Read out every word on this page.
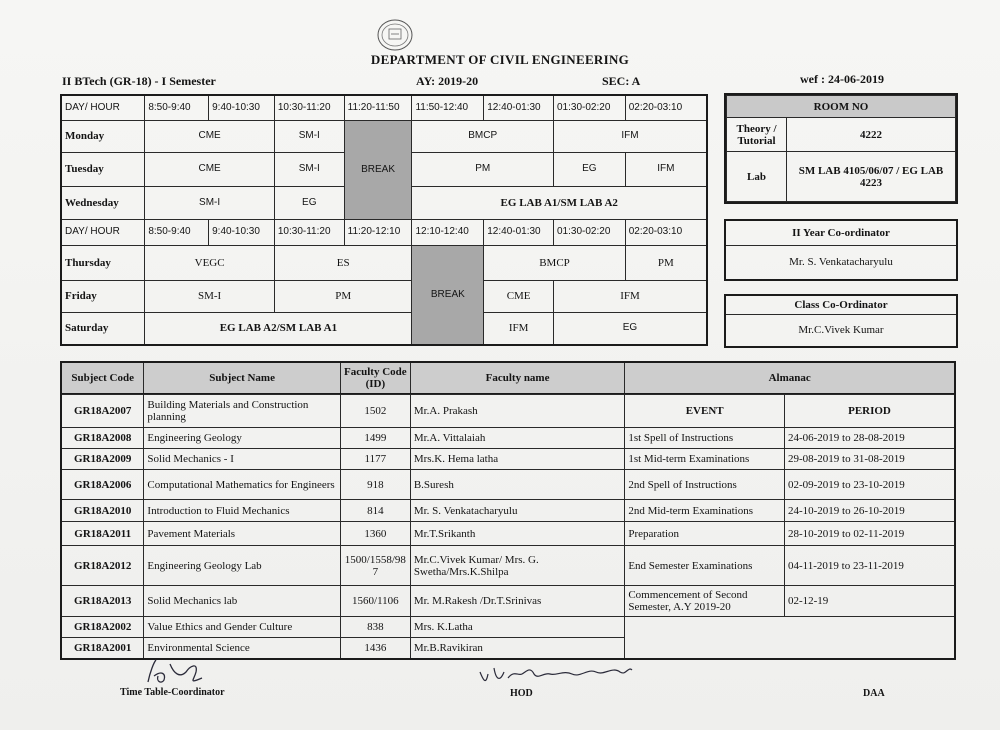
DEPARTMENT OF CIVIL ENGINEERING
II BTech (GR-18) - I Semester	AY: 2019-20	SEC: A	wef : 24-06-2019
DAY/ HOUR	8:50-9:40	9:40-10:30	10:30-11:20	11:20-11:50	11:50-12:40	12:40-01:30	01:30-02:20	02:20-03:10
Monday	CME		SM-I	BREAK	BMCP		IFM	
Tuesday	CME		SM-I		PM		EG	IFM
Wednesday	SM-I		EG		EG LAB A1/SM LAB A2			
DAY/ HOUR	8:50-9:40	9:40-10:30	10:30-11:20	11:20-12:10	12:10-12:40	12:40-01:30	01:30-02:20	02:20-03:10
Thursday	VEGC		ES		BREAK	BMCP		PM
Friday	SM-I		PM			CME	IFM	
Saturday	EG LAB A2/SM LAB A1					IFM	EG	
ROOM NO	
Theory / Tutorial	4222
Lab	SM LAB 4105/06/07 / EG LAB 4223
II Year Co-ordinator
Mr. S. Venkatacharyulu
Class Co-Ordinator
Mr.C.Vivek Kumar
Subject Code	Subject Name	Faculty Code (ID)	Faculty name	Almanac

GR18A2007	Building Materials and Construction planning	1502	Mr.A. Prakash	EVENT	PERIOD
GR18A2008	Engineering Geology	1499	Mr.A. Vittalaiah	1st Spell of Instructions	24-06-2019 to 28-08-2019
GR18A2009	Solid Mechanics - I	1177	Mrs.K. Hema latha	1st Mid-term Examinations	29-08-2019 to 31-08-2019
GR18A2006	Computational Mathematics for Engineers	918	B.Suresh	2nd Spell of Instructions	02-09-2019 to 23-10-2019
GR18A2010	Introduction to Fluid Mechanics	814	Mr. S. Venkatacharyulu	2nd Mid-term Examinations	24-10-2019 to 26-10-2019
GR18A2011	Pavement Materials	1360	Mr.T.Srikanth	Preparation	28-10-2019 to 02-11-2019
GR18A2012	Engineering Geology Lab	1500/1558/987	Mr.C.Vivek Kumar/ Mrs. G. Swetha/Mrs.K.Shilpa	End Semester Examinations	04-11-2019 to 23-11-2019
GR18A2013	Solid Mechanics lab	1560/1106	Mr. M.Rakesh /Dr.T.Srinivas	Commencement of Second Semester, A.Y 2019-20	02-12-19
GR18A2002	Value Ethics and Gender Culture	838	Mrs. K.Latha		
GR18A2001	Environmental Science	1436	Mr.B.Ravikiran		
Time Table-Coordinator	HOD	DAA
